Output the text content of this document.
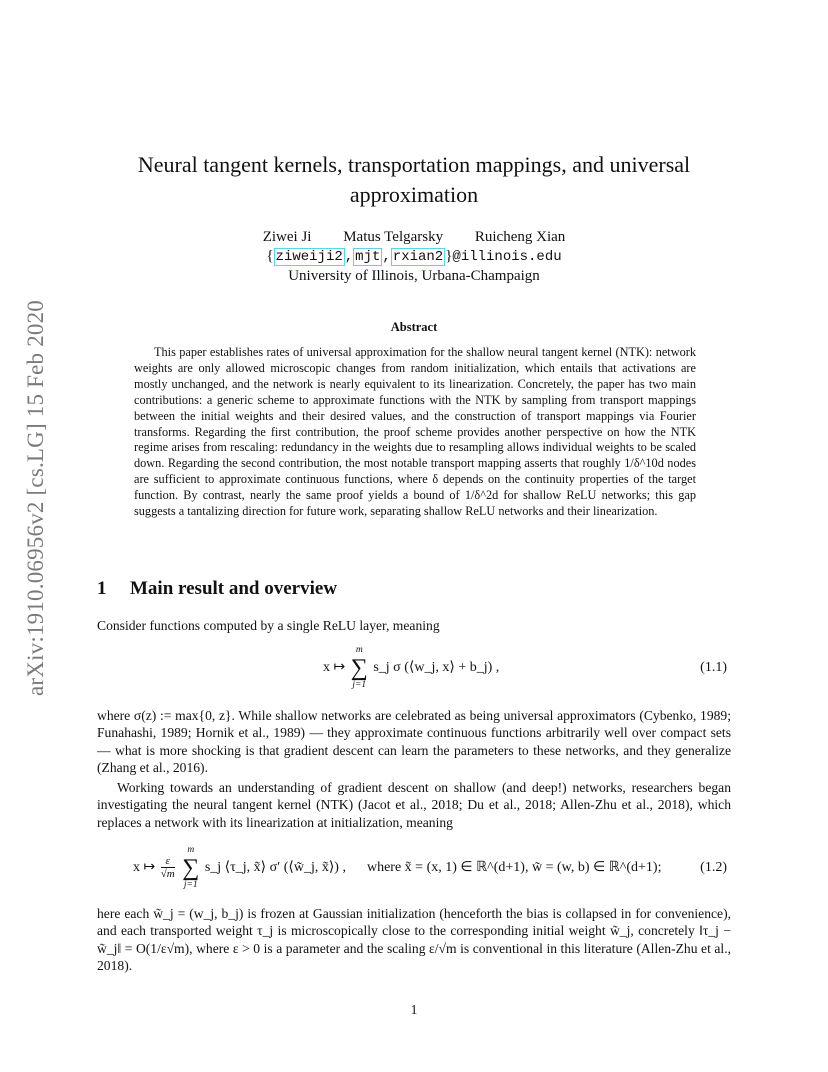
arXiv:1910.06956v2 [cs.LG] 15 Feb 2020
Neural tangent kernels, transportation mappings, and universal approximation
Ziwei Ji Matus Telgarsky Ruicheng Xian
{ ziweiji2 , mjt , rxian2 }@illinois.edu
University of Illinois, Urbana-Champaign
Abstract

This paper establishes rates of universal approximation for the shallow neural tangent kernel (NTK): network weights are only allowed microscopic changes from random initialization, which entails that activations are mostly unchanged, and the network is nearly equivalent to its linearization. Concretely, the paper has two main contributions: a generic scheme to approximate functions with the NTK by sampling from transport mappings between the initial weights and their desired values, and the construction of transport mappings via Fourier transforms. Regarding the first contribution, the proof scheme provides another perspective on how the NTK regime arises from rescaling: redundancy in the weights due to resampling allows individual weights to be scaled down. Regarding the second contribution, the most notable transport mapping asserts that roughly 1/δ^10d nodes are sufficient to approximate continuous functions, where δ depends on the continuity properties of the target function. By contrast, nearly the same proof yields a bound of 1/δ^2d for shallow ReLU networks; this gap suggests a tantalizing direction for future work, separating shallow ReLU networks and their linearization.

1 Main result and overview

Consider functions computed by a single ReLU layer, meaning

x ↦
m
∑
j=1
s_j σ (⟨w_j, x⟩ + b_j) ,	(1.1)

where σ(z) := max{0, z}. While shallow networks are celebrated as being universal approximators (Cybenko, 1989; Funahashi, 1989; Hornik et al., 1989) — they approximate continuous functions arbitrarily well over compact sets — what is more shocking is that gradient descent can learn the parameters to these networks, and they generalize (Zhang et al., 2016).

Working towards an understanding of gradient descent on shallow (and deep!) networks, researchers began investigating the neural tangent kernel (NTK) (Jacot et al., 2018; Du et al., 2018; Allen-Zhu et al., 2018), which replaces a network with its linearization at initialization, meaning

x ↦ $\frac{\varepsilon}{√m}$

m
∑
j=1
s_j ⟨τ_j, x̃⟩ σ′ (⟨w̃_j, x̃⟩) , where x̃ = (x, 1) ∈ ℝ^(d+1), w̃ = (w, b) ∈ ℝ^(d+1);	(1.2)

here each w̃_j = (w_j, b_j) is frozen at Gaussian initialization (henceforth the bias is collapsed in for convenience), and each transported weight τ_j is microscopically close to the corresponding initial weight w̃_j, concretely ‖τ_j − w̃_j‖ = O(1/ε√m), where ε > 0 is a parameter and the scaling ε/√m is conventional in this literature (Allen-Zhu et al., 2018).

1
